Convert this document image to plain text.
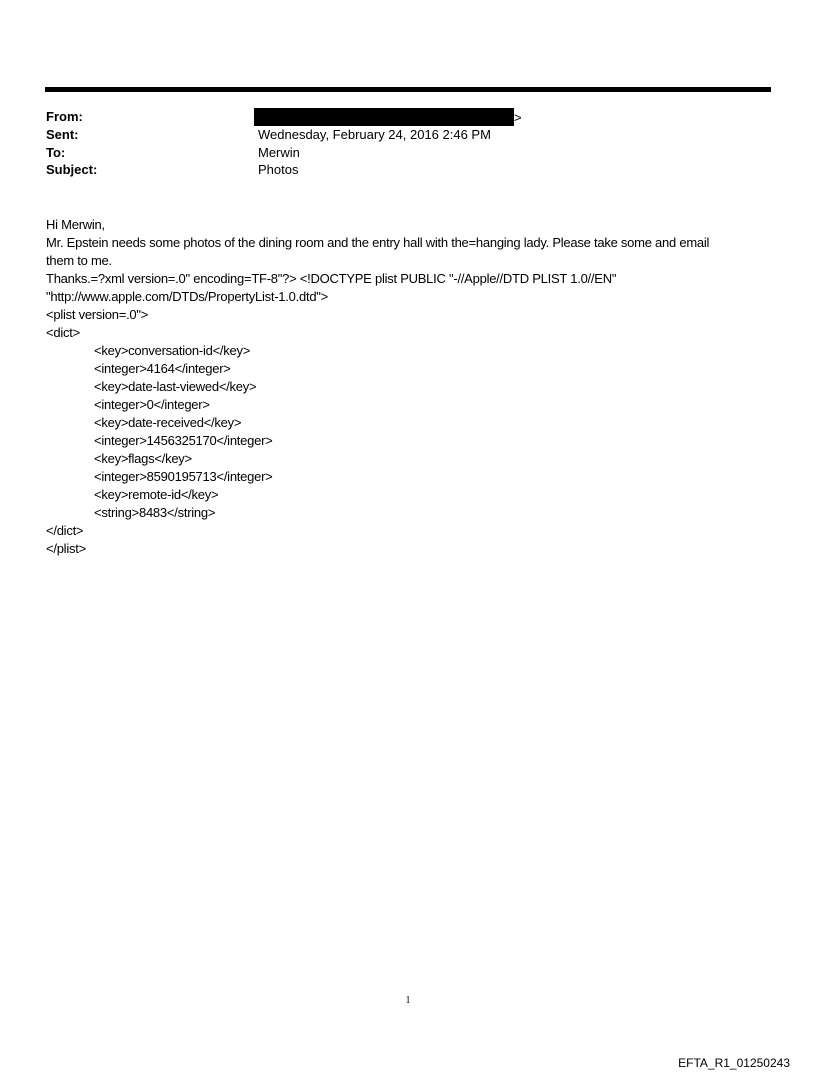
From:	>
Sent:	Wednesday, February 24, 2016 2:46 PM
To:	Merwin
Subject:	Photos
Hi Merwin,
Mr. Epstein needs some photos of the dining room and the entry hall with the=hanging lady. Please take some and email
them to me.
Thanks.=?xml version=.0" encoding=TF-8"?> <!DOCTYPE plist PUBLIC "-//Apple//DTD PLIST 1.0//EN"
"http://www.apple.com/DTDs/PropertyList-1.0.dtd">
<plist version=.0">
<dict>
<key>conversation-id</key>
<integer>4164</integer>
<key>date-last-viewed</key>
<integer>0</integer>
<key>date-received</key>
<integer>1456325170</integer>
<key>flags</key>
<integer>8590195713</integer>
<key>remote-id</key>
<string>8483</string>
</dict>
</plist>
1
EFTA_R1_01250243
